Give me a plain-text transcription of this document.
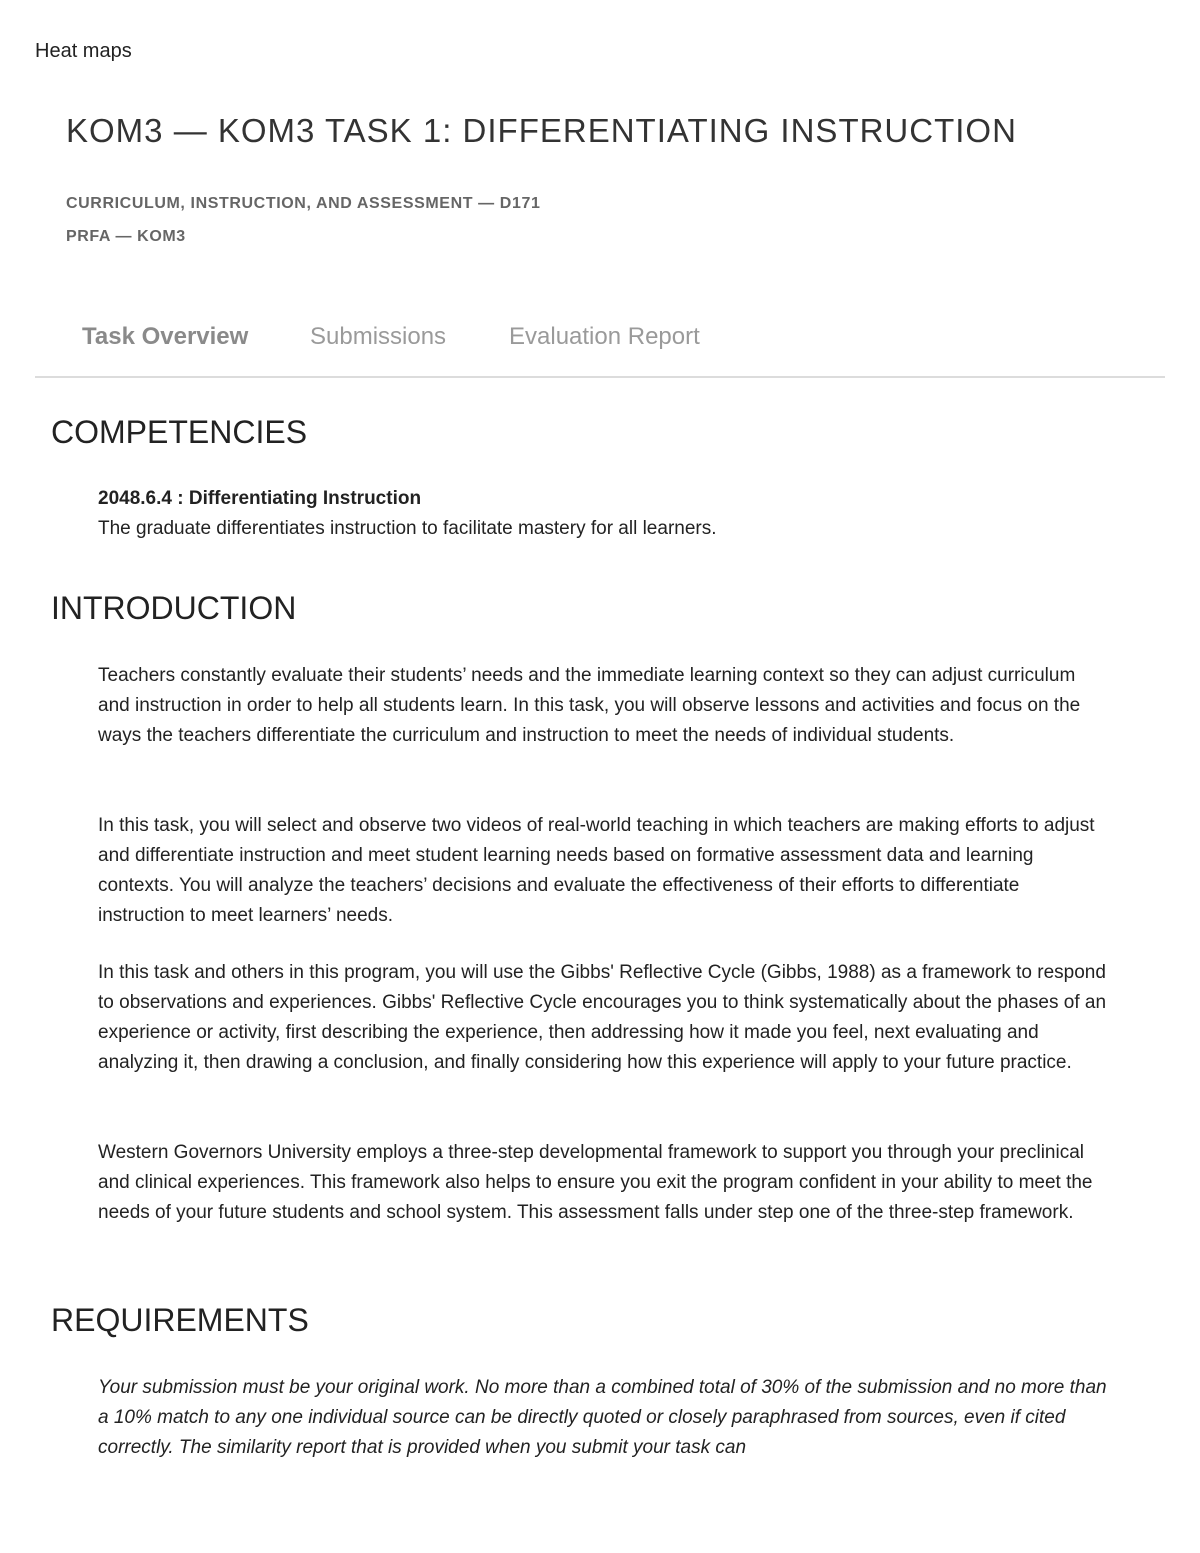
Heat maps
KOM3 — KOM3 TASK 1: DIFFERENTIATING INSTRUCTION
CURRICULUM, INSTRUCTION, AND ASSESSMENT — D171
PRFA — KOM3
Task Overview	Submissions	Evaluation Report
COMPETENCIES
2048.6.4 : Differentiating Instruction
The graduate differentiates instruction to facilitate mastery for all learners.
INTRODUCTION

Teachers constantly evaluate their students’ needs and the immediate learning context so they can adjust curriculum and instruction in order to help all students learn. In this task, you will observe lessons and activities and focus on the ways the teachers differentiate the curriculum and instruction to meet the needs of individual students.

In this task, you will select and observe two videos of real-world teaching in which teachers are making efforts to adjust and differentiate instruction and meet student learning needs based on formative assessment data and learning contexts. You will analyze the teachers’ decisions and evaluate the effectiveness of their efforts to differentiate instruction to meet learners’ needs.

In this task and others in this program, you will use the Gibbs' Reflective Cycle (Gibbs, 1988) as a framework to respond to observations and experiences. Gibbs' Reflective Cycle encourages you to think systematically about the phases of an experience or activity, first describing the experience, then addressing how it made you feel, next evaluating and analyzing it, then drawing a conclusion, and finally considering how this experience will apply to your future practice.

Western Governors University employs a three-step developmental framework to support you through your preclinical and clinical experiences. This framework also helps to ensure you exit the program confident in your ability to meet the needs of your future students and school system. This assessment falls under step one of the three-step framework.

REQUIREMENTS

Your submission must be your original work. No more than a combined total of 30% of the submission and no more than a 10% match to any one individual source can be directly quoted or closely paraphrased from sources, even if cited correctly. The similarity report that is provided when you submit your task can
